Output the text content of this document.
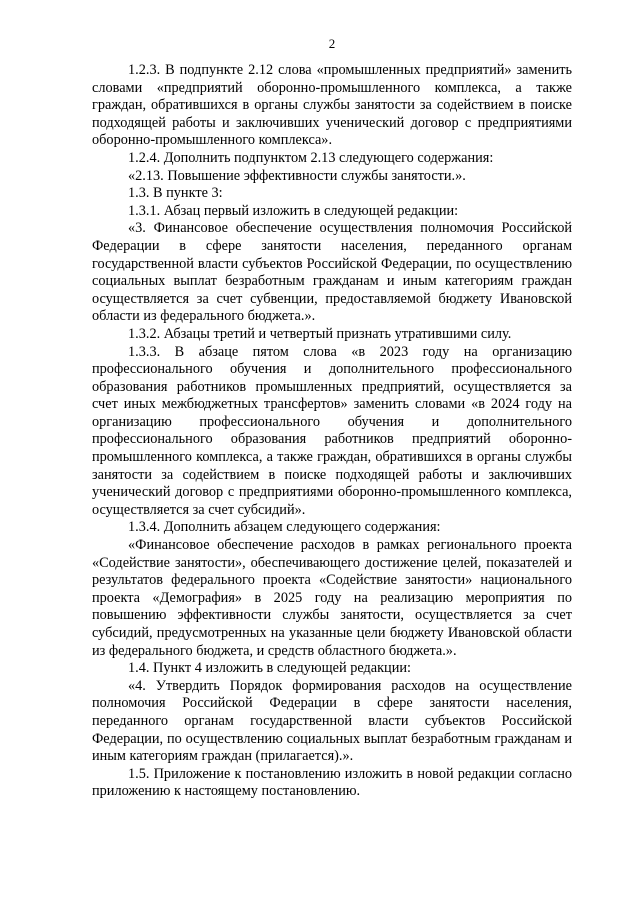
2

1.2.3. В подпункте 2.12 слова «промышленных предприятий» заменить словами «предприятий оборонно-промышленного комплекса, а также граждан, обратившихся в органы службы занятости за содействием в поиске подходящей работы и заключивших ученический договор с предприятиями оборонно-промышленного комплекса».

1.2.4. Дополнить подпунктом 2.13 следующего содержания:

«2.13. Повышение эффективности службы занятости.».

1.3. В пункте 3:

1.3.1. Абзац первый изложить в следующей редакции:

«3. Финансовое обеспечение осуществления полномочия Российской Федерации в сфере занятости населения, переданного органам государственной власти субъектов Российской Федерации, по осуществлению социальных выплат безработным гражданам и иным категориям граждан осуществляется за счет субвенции, предоставляемой бюджету Ивановской области из федерального бюджета.».

1.3.2. Абзацы третий и четвертый признать утратившими силу.

1.3.3. В абзаце пятом слова «в 2023 году на организацию профессионального обучения и дополнительного профессионального образования работников промышленных предприятий, осуществляется за счет иных межбюджетных трансфертов» заменить словами «в 2024 году на организацию профессионального обучения и дополнительного профессионального образования работников предприятий оборонно-промышленного комплекса, а также граждан, обратившихся в органы службы занятости за содействием в поиске подходящей работы и заключивших ученический договор с предприятиями оборонно-промышленного комплекса, осуществляется за счет субсидий».

1.3.4. Дополнить абзацем следующего содержания:

«Финансовое обеспечение расходов в рамках регионального проекта «Содействие занятости», обеспечивающего достижение целей, показателей и результатов федерального проекта «Содействие занятости» национального проекта «Демография» в 2025 году на реализацию мероприятия по повышению эффективности службы занятости, осуществляется за счет субсидий, предусмотренных на указанные цели бюджету Ивановской области из федерального бюджета, и средств областного бюджета.».

1.4. Пункт 4 изложить в следующей редакции:

«4. Утвердить Порядок формирования расходов на осуществление полномочия Российской Федерации в сфере занятости населения, переданного органам государственной власти субъектов Российской Федерации, по осуществлению социальных выплат безработным гражданам и иным категориям граждан (прилагается).».

1.5. Приложение к постановлению изложить в новой редакции согласно приложению к настоящему постановлению.
